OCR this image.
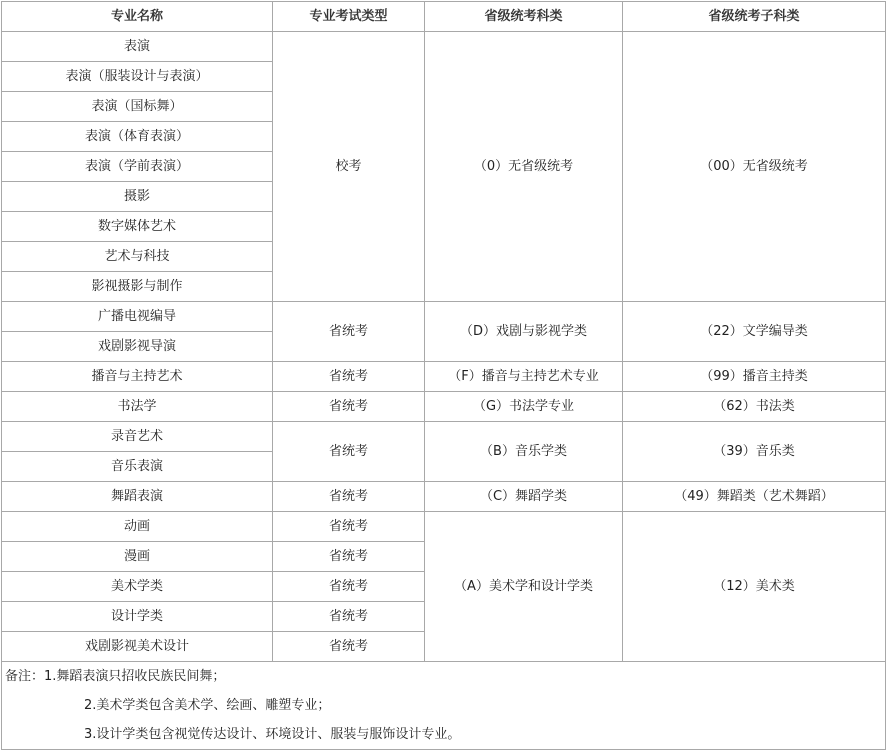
专业名称	专业考试类型	省级统考科类	省级统考子科类
表演	校考	（0）无省级统考	（00）无省级统考
表演（服装设计与表演）			
表演（国标舞）			
表演（体育表演）			
表演（学前表演）			
摄影			
数字媒体艺术			
艺术与科技			
影视摄影与制作			
广播电视编导	省统考	（D）戏剧与影视学类	（22）文学编导类
戏剧影视导演			
播音与主持艺术	省统考	（F）播音与主持艺术专业	（99）播音主持类
书法学	省统考	（G）书法学专业	（62）书法类
录音艺术	省统考	（B）音乐学类	（39）音乐类
音乐表演			
舞蹈表演	省统考	（C）舞蹈学类	（49）舞蹈类（艺术舞蹈）
动画	省统考	（A）美术学和设计学类	（12）美术类
漫画	省统考		
美术学类	省统考		
设计学类	省统考		
戏剧影视美术设计	省统考		

备注：1.舞蹈表演只招收民族民间舞；
2.美术学类包含美术学、绘画、雕塑专业；
3.设计学类包含视觉传达设计、环境设计、服装与服饰设计专业。			
